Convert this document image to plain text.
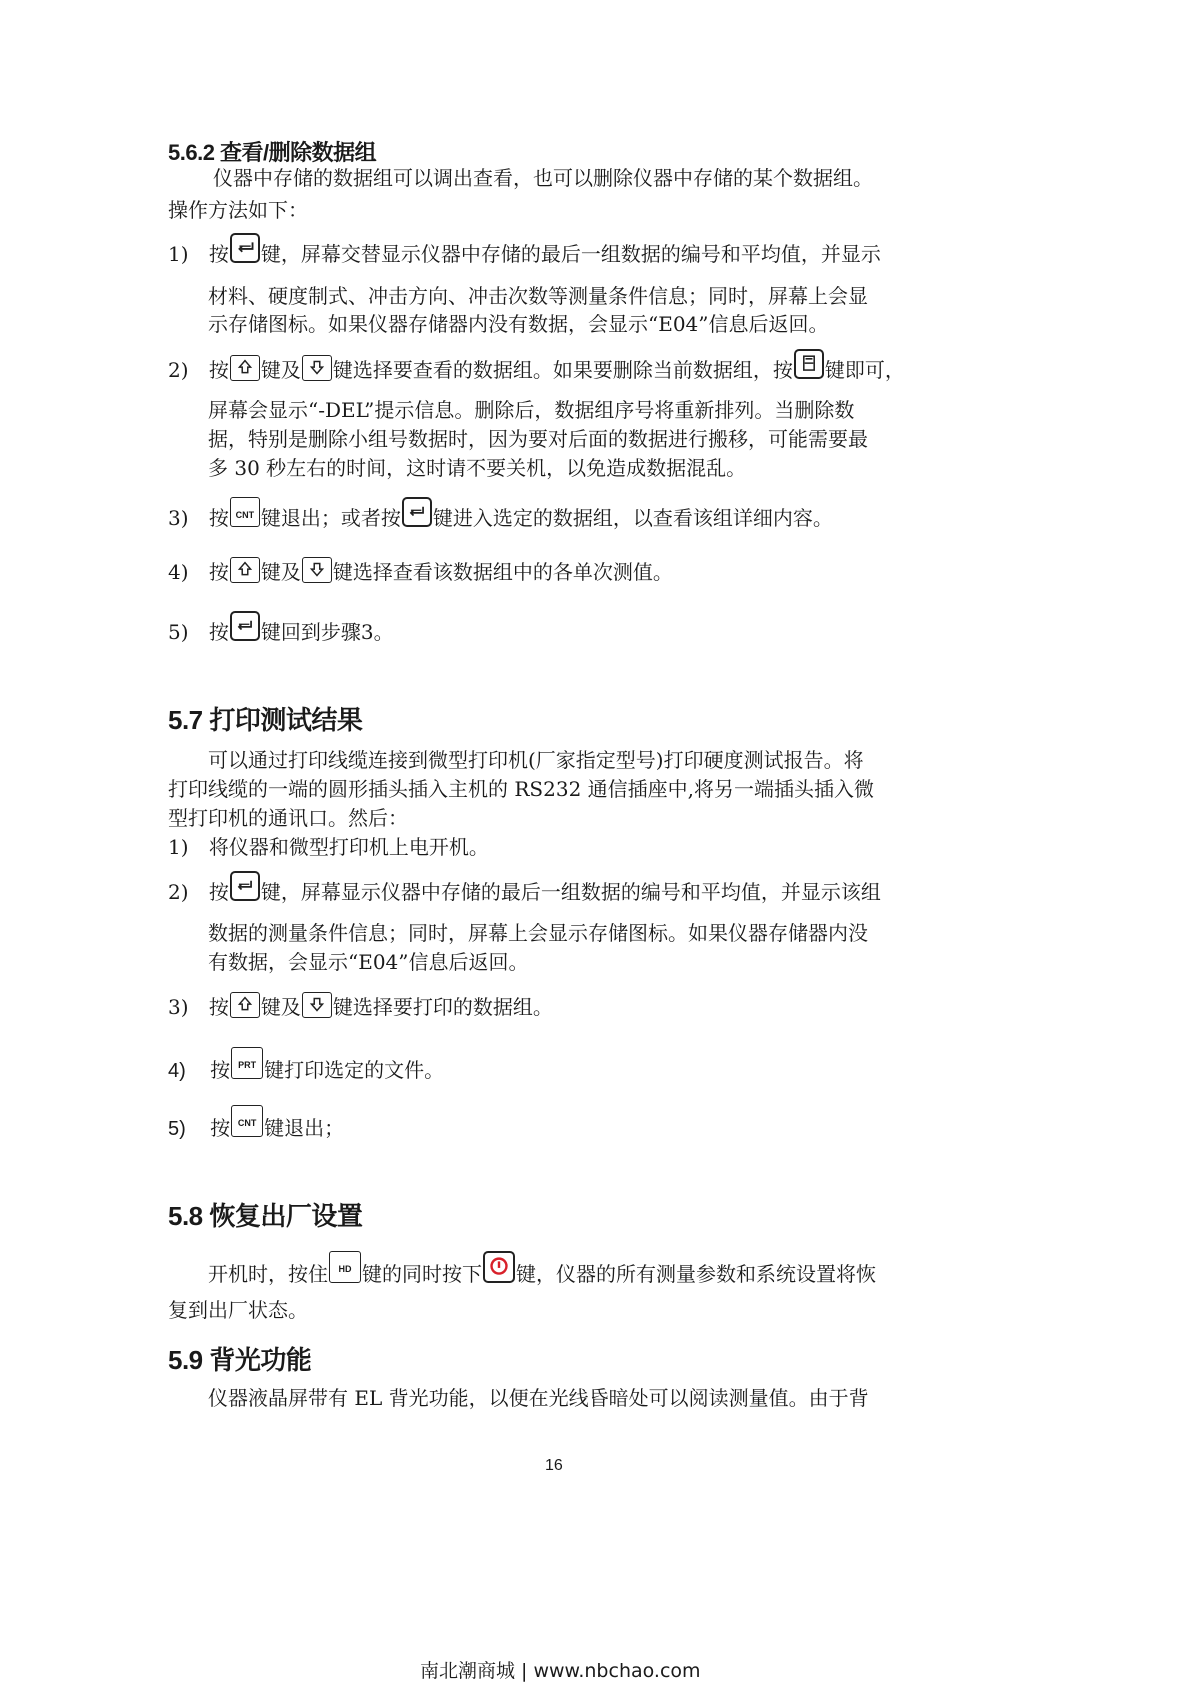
5.6.2 查看/删除数据组
仪器中存储的数据组可以调出查看，也可以删除仪器中存储的某个数据组。
操作方法如下：
1) 按 键，屏幕交替显示仪器中存储的最后一组数据的编号和平均值，并显示
材料、硬度制式、冲击方向、冲击次数等测量条件信息；同时，屏幕上会显
示存储图标。如果仪器存储器内没有数据，会显示“E04”信息后返回。
2) 按 键及 键选择要查看的数据组。如果要删除当前数据组，按 键即可，
屏幕会显示“-DEL”提示信息。删除后，数据组序号将重新排列。当删除数
据，特别是删除小组号数据时，因为要对后面的数据进行搬移，可能需要最
多 30 秒左右的时间，这时请不要关机，以免造成数据混乱。
3) 按 CNT 键退出；或者按 键进入选定的数据组，以查看该组详细内容。
4) 按 键及 键选择查看该数据组中的各单次测值。
5) 按 键回到步骤3。
5.7 打印测试结果
可以通过打印线缆连接到微型打印机(厂家指定型号)打印硬度测试报告。将
打印线缆的一端的圆形插头插入主机的 RS232 通信插座中,将另一端插头插入微
型打印机的通讯口。然后：
1) 将仪器和微型打印机上电开机。
2) 按 键，屏幕显示仪器中存储的最后一组数据的编号和平均值，并显示该组
数据的测量条件信息；同时，屏幕上会显示存储图标。如果仪器存储器内没
有数据，会显示“E04”信息后返回。
3) 按 键及 键选择要打印的数据组。
4) 按 PRT 键打印选定的文件。
5) 按 CNT 键退出；
5.8 恢复出厂设置
开机时，按住	HD 键的同时按下 键，仪器的所有测量参数和系统设置将恢
复到出厂状态。
5.9 背光功能
仪器液晶屏带有 EL 背光功能，以便在光线昏暗处可以阅读测量值。由于背
16
南北潮商城 | www.nbchao.com
